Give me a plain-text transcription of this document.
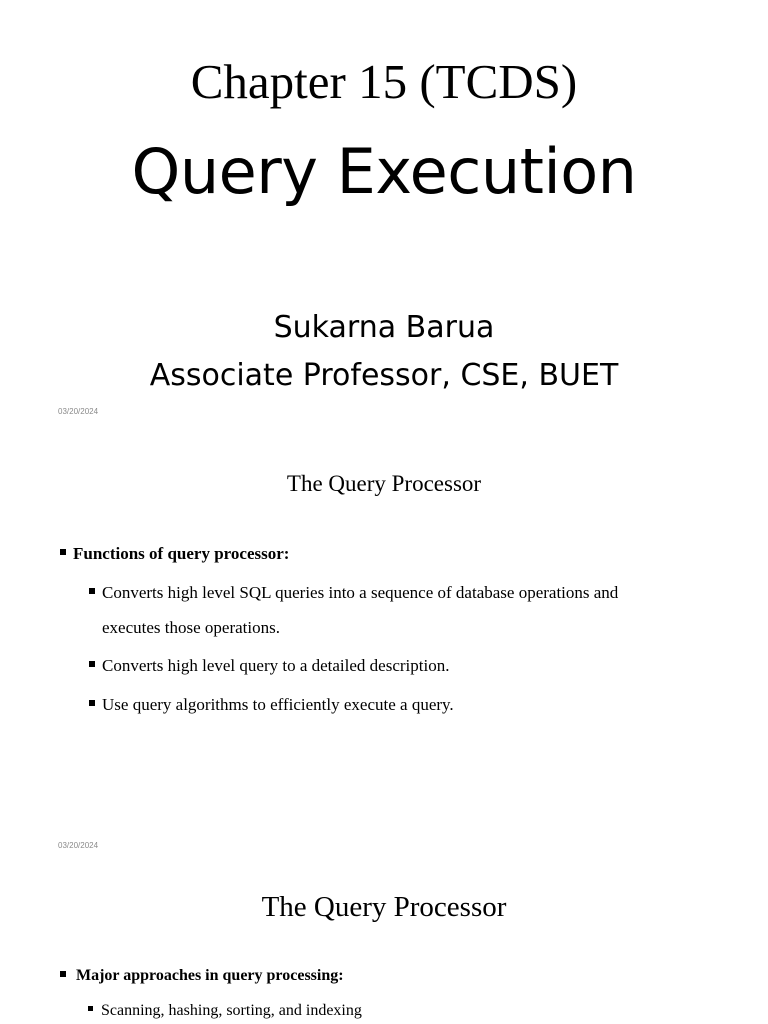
Chapter 15 (TCDS)
Query Execution
Sukarna Barua
Associate Professor, CSE, BUET
03/20/2024
The Query Processor
Functions of query processor:
Converts high level SQL queries into a sequence of database operations and
executes those operations.
Converts high level query to a detailed description.
Use query algorithms to efficiently execute a query.
03/20/2024
The Query Processor
Major approaches in query processing:
Scanning, hashing, sorting, and indexing
